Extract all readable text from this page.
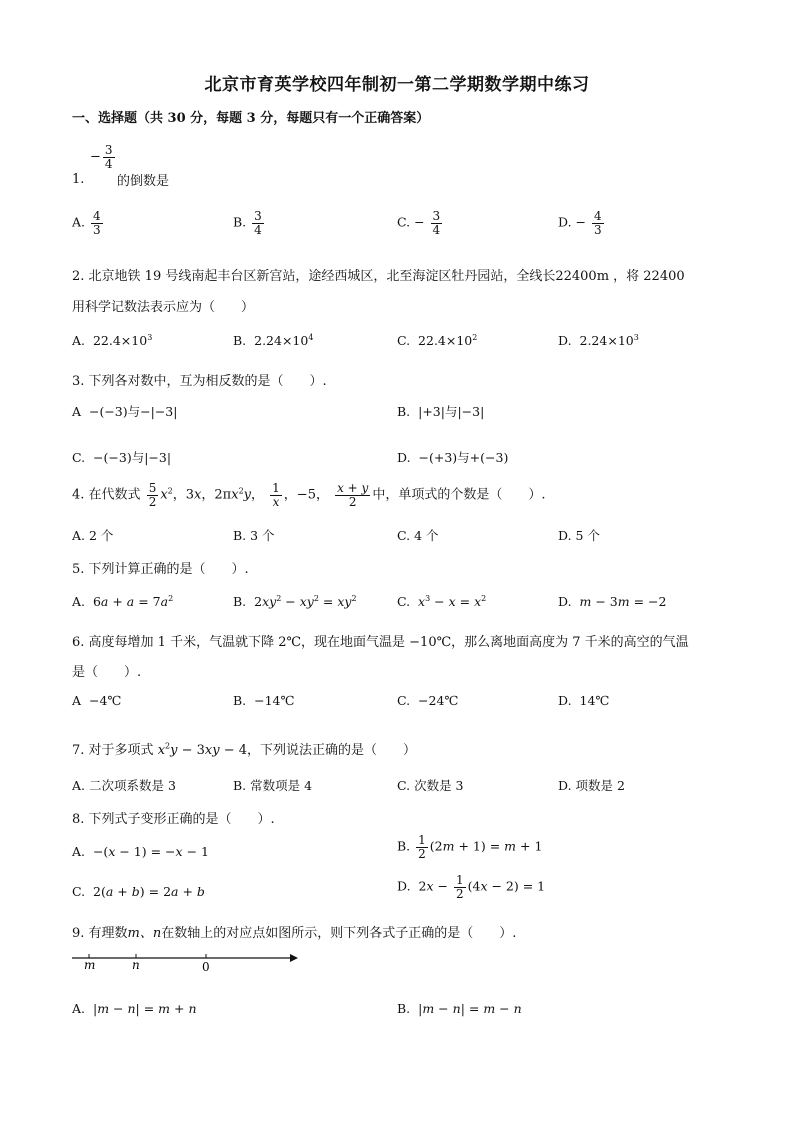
北京市育英学校四年制初一第二学期数学期中练习
一、选择题（共 30 分，每题 3 分，每题只有一个正确答案）
− $\frac{3}{4}$
1.	的倒数是
A. $\frac{4}{3}$	B. $\frac{3}{4}$	C. − $\frac{3}{4}$	D. − $\frac{4}{3}$
2. 北京地铁 19 号线南起丰台区新宫站，途经西城区，北至海淀区牡丹园站，全线长22400m ，将 22400
用科学记数法表示应为（　　）
A.  $22.4\times 10^3$	B.  $2.24\times 10^4$	C.  $22.4\times 10^2$	D.  $2.24\times 10^3$
3. 下列各对数中，互为相反数的是（　　）.
A  −(−3)与−|−3|	B.  |+3|与|−3|
C.  −(−3)与|−3|	D.  −(+3)与+(−3)
4. 在代数式 $\frac{5}{2} x^2$，3x，$2\pi x^2y$， $\frac{1}{x}$ ，−5， $\frac{x + y}{2}$ 中，单项式的个数是（　　）.
A. 2 个	B. 3 个	C. 4 个	D. 5 个
5. 下列计算正确的是（　　）.
A.  $6a + a = 7a^2$	B.  $2xy^2 - xy^2 = xy^2$	C. $x^3 - x = x^2$	D. m − 3m = −2
6. 高度每增加 1 千米，气温就下降 2℃，现在地面气温是 −10℃，那么离地面高度为 7 千米的高空的气温
是（　　）.
A  −4℃	B.  −14℃	C.  −24℃	D.  14℃
7. 对于多项式 $x^2y - 3xy - 4$，下列说法正确的是（　　）
A. 二次项系数是 3	B. 常数项是 4	C. 次数是 3	D. 项数是 2
8. 下列式子变形正确的是（　　）.
A.  −(x − 1) = −x − 1	B. $\frac{1}{2} (2m + 1) = m + 1$
C.  2(a + b) = 2a + b	D.  $2x - \frac{1}{2} (4x - 2) = 1$
9. 有理数m、n在数轴上的对应点如图所示，则下列各式子正确的是（　　）.
m	n	0
A.  |m − n| = m + n	B.  |m − n| = m − n
